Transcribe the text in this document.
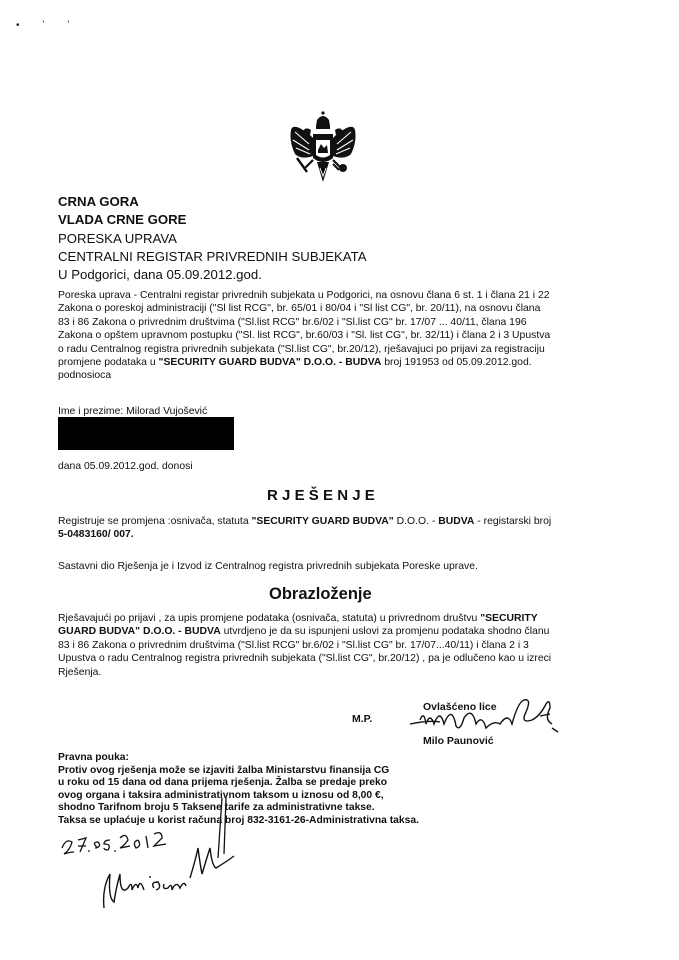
• ʼ ʼ
CRNA GORA
VLADA CRNE GORE
PORESKA UPRAVA
CENTRALNI REGISTAR PRIVREDNIH SUBJEKATA
U Podgorici, dana 05.09.2012.god.
Poreska uprava - Centralni registar privrednih subjekata u Podgorici, na osnovu člana 6 st. 1 i člana 21 i 22
Zakona o poreskoj administraciji ("Sl list RCG", br. 65/01 i 80/04 i "Sl list CG", br. 20/11), na osnovu člana
83 i 86 Zakona o privrednim društvima ("Sl.list RCG" br.6/02 i "Sl.list CG" br. 17/07 ... 40/11, člana 196
Zakona o opštem upravnom postupku ("Sl. list RCG", br.60/03 i "Sl. list CG", br. 32/11) i člana 2 i 3 Upustva
o radu Centralnog registra privrednih subjekata ("Sl.list CG", br.20/12), rješavajuci po prijavi za registraciju
promjene podataka u "SECURITY GUARD BUDVA" D.O.O. - BUDVA broj 191953 od 05.09.2012.god.
podnosioca
Ime i prezime: Milorad Vujošević
dana 05.09.2012.god. donosi
RJEŠENJE
Registruje se promjena :osnivača, statuta "SECURITY GUARD BUDVA" D.O.O. - BUDVA - registarski broj
5-0483160/ 007.
Sastavni dio Rješenja je i Izvod iz Centralnog registra privrednih subjekata Poreske uprave.
Obrazloženje
Rješavajući po prijavi , za upis promjene podataka (osnivača, statuta) u privrednom društvu "SECURITY
GUARD BUDVA" D.O.O. - BUDVA utvrdjeno je da su ispunjeni uslovi za promjenu podataka shodno članu
83 i 86 Zakona o privrednim društvima ("Sl.list RCG" br.6/02 i "Sl.list CG" br. 17/07...40/11) i člana 2 i 3
Upustva o radu Centralnog registra privrednih subjekata ("Sl.list CG", br.20/12) , pa je odlučeno kao u izreci
Rješenja.
M.P.
Ovlašćeno lice
Milo Paunović
Pravna pouka:
Protiv ovog rješenja može se izjaviti žalba Ministarstvu finansija CG
u roku od 15 dana od dana prijema rješenja. Žalba se predaje preko
ovog organa i taksira administrativnom taksom u iznosu od 8,00 €,
shodno Tarifnom broju 5 Taksene tarife za administrativne takse.
Taksa se uplaćuje u korist računa broj 832-3161-26-Administrativna taksa.
